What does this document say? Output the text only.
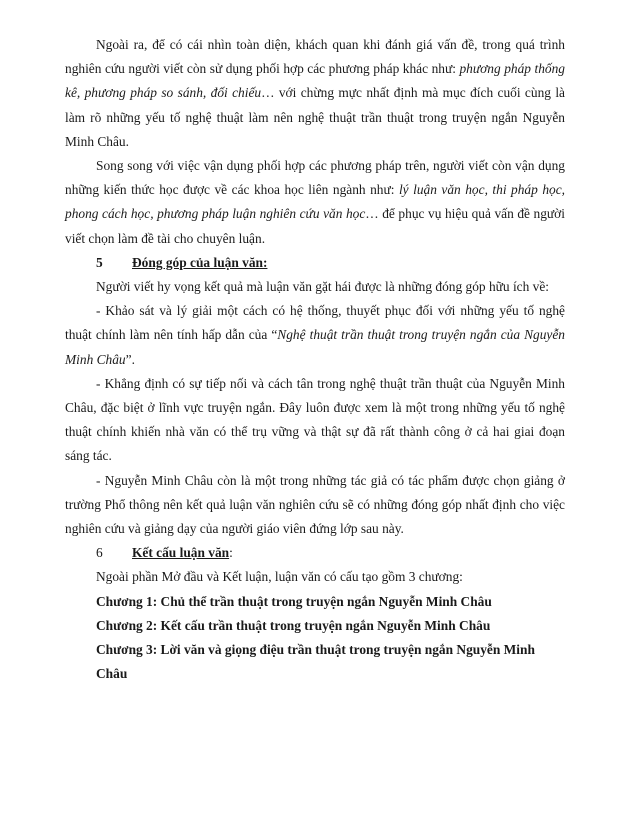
Ngoài ra, để có cái nhìn toàn diện, khách quan khi đánh giá vấn đề, trong quá trình nghiên cứu người viết còn sử dụng phối hợp các phương pháp khác như: phương pháp thống kê, phương pháp so sánh, đối chiếu… với chừng mực nhất định mà mục đích cuối cùng là làm rõ những yếu tố nghệ thuật làm nên nghệ thuật trần thuật trong truyện ngắn Nguyễn Minh Châu.

Song song với việc vận dụng phối hợp các phương pháp trên, người viết còn vận dụng những kiến thức học được về các khoa học liên ngành như: lý luận văn học, thi pháp học, phong cách học, phương pháp luận nghiên cứu văn học… để phục vụ hiệu quả vấn đề người viết chọn làm đề tài cho chuyên luận.

5 Đóng góp của luận văn:

Người viết hy vọng kết quả mà luận văn gặt hái được là những đóng góp hữu ích về:

- Khảo sát và lý giải một cách có hệ thống, thuyết phục đối với những yếu tố nghệ thuật chính làm nên tính hấp dẫn của “Nghệ thuật trần thuật trong truyện ngắn của Nguyễn Minh Châu”.

- Khẳng định có sự tiếp nối và cách tân trong nghệ thuật trần thuật của Nguyễn Minh Châu, đặc biệt ở lĩnh vực truyện ngắn. Đây luôn được xem là một trong những yếu tố nghệ thuật chính khiến nhà văn có thể trụ vững và thật sự đã rất thành công ở cả hai giai đoạn sáng tác.

- Nguyễn Minh Châu còn là một trong những tác giả có tác phẩm được chọn giảng ở trường Phổ thông nên kết quả luận văn nghiên cứu sẽ có những đóng góp nhất định cho việc nghiên cứu và giảng dạy của người giáo viên đứng lớp sau này.

6 Kết cấu luận văn:

Ngoài phần Mở đầu và Kết luận, luận văn có cấu tạo gồm 3 chương:

Chương 1: Chủ thể trần thuật trong truyện ngắn Nguyễn Minh Châu

Chương 2: Kết cấu trần thuật trong truyện ngắn Nguyễn Minh Châu

Chương 3: Lời văn và giọng điệu trần thuật trong truyện ngắn Nguyễn Minh Châu
